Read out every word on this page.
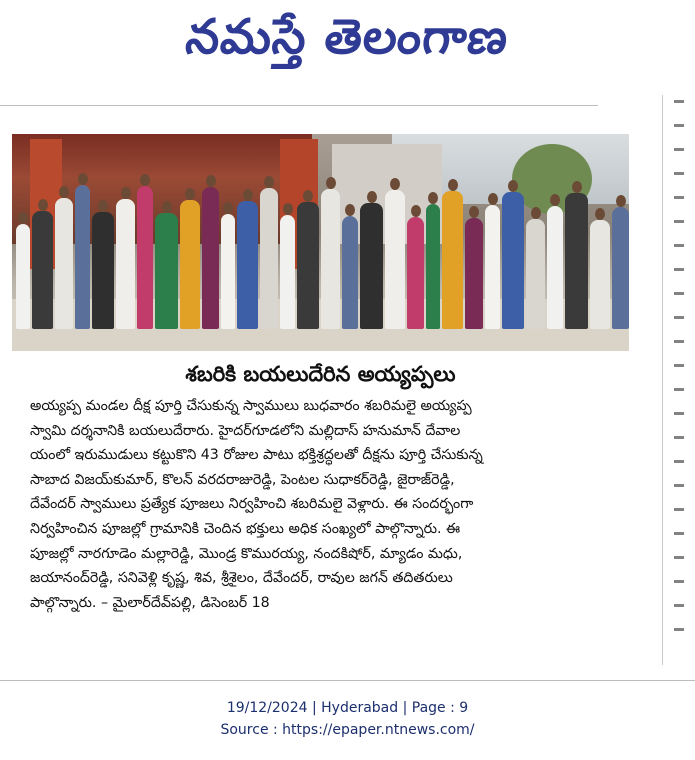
నమస్తే తెలంగాణ
శబరికి బయలుదేరిన అయ్యప్పలు
అయ్యప్ప మండల దీక్ష పూర్తి చేసుకున్న స్వాములు బుధవారం శబరిమలై అయ్యప్ప
స్వామి దర్శనానికి బయలుదేరారు. హైదర్‌గూడలోని మల్లిదాస్‌ హనుమాన్‌ దేవాల
యంలో ఇరుముడులు కట్టుకొని 43 రోజుల పాటు భక్తిశ్రద్ధలతో దీక్షను పూర్తి చేసుకున్న
సాబాద విజయ్‌కుమార్‌, కొలన్‌ వరదరాజురెడ్డి, పెంటల సుధాకర్‌రెడ్డి, జైరాజ్‌రెడ్డి,
దేవేందర్‌ స్వాములు ప్రత్యేక పూజలు నిర్వహించి శబరిమలై వెళ్లారు. ఈ సందర్భంగా
నిర్వహించిన పూజల్లో గ్రామానికి చెందిన భక్తులు అధిక సంఖ్యలో పాల్గొన్నారు. ఈ
పూజల్లో నారగూడెం మల్లారెడ్డి, మొండ్ర కొమురయ్య, నందకిషోర్‌, మ్యాడం మధు,
జయానంద్‌రెడ్డి, సనివెళ్లి కృష్ణ, శివ, శ్రీశైలం, దేవేందర్‌, రావుల జగన్‌ తదితరులు
పాల్గొన్నారు. – మైలార్‌దేవ్‌పల్లి, డిసెంబర్‌ 18
19/12/2024 | Hyderabad | Page : 9
Source : https://epaper.ntnews.com/
